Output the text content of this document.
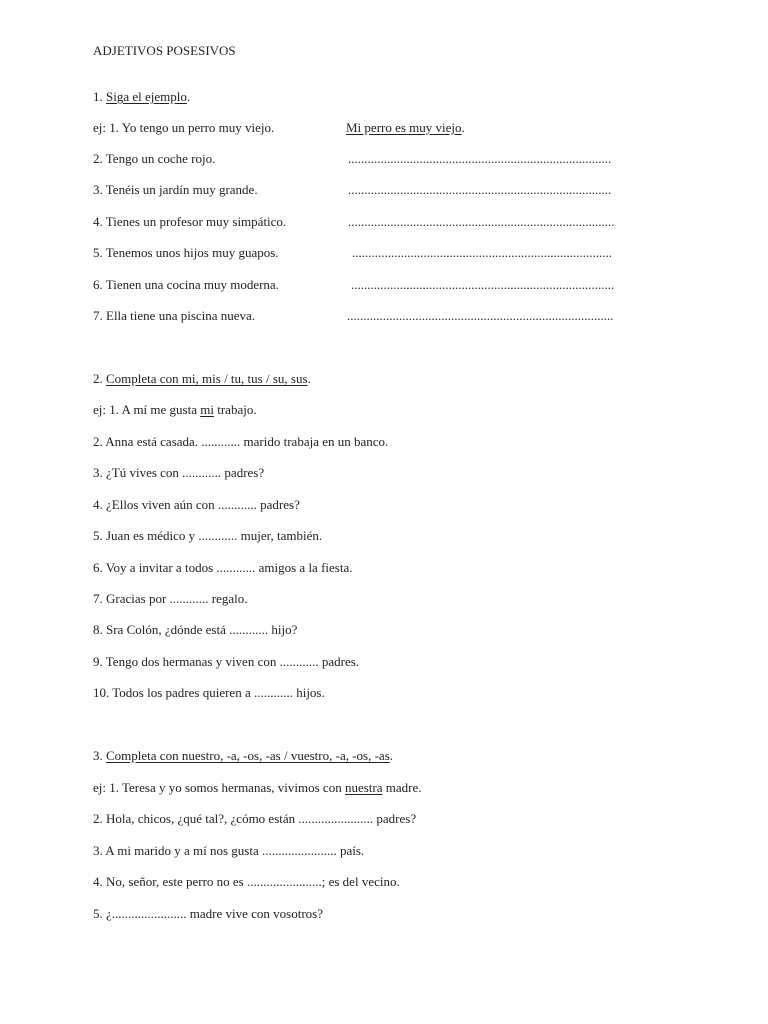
ADJETIVOS POSESIVOS
1. Siga el ejemplo.
ej: 1. Yo tengo un perro muy viejo.	Mi perro es muy viejo.
2. Tengo un coche rojo.	.................................................................................
3. Tenéis un jardín muy grande.	.................................................................................
4. Tienes un profesor muy simpático.	..................................................................................
5. Tenemos unos hijos muy guapos.	................................................................................
6. Tienen una cocina muy moderna.	.................................................................................
7. Ella tiene una piscina nueva.	..................................................................................
2. Completa con mi, mis / tu, tus / su, sus.
ej: 1. A mí me gusta mi trabajo.
2. Anna está casada. ............ marido trabaja en un banco.
3. ¿Tú vives con ............ padres?
4. ¿Ellos viven aún con ............ padres?
5. Juan es médico y ............ mujer, también.
6. Voy a invitar a todos ............ amigos a la fiesta.
7. Gracias por ............ regalo.
8. Sra Colón, ¿dónde está ............ hijo?
9. Tengo dos hermanas y viven con ............ padres.
10. Todos los padres quieren a ............ hijos.
3. Completa con nuestro, -a, -os, -as / vuestro, -a, -os, -as.
ej: 1. Teresa y yo somos hermanas, vivimos con nuestra madre.
2. Hola, chicos, ¿qué tal?, ¿cómo están ....................... padres?
3. A mi marido y a mí nos gusta ....................... país.
4. No, señor, este perro no es .......................; es del vecino.
5. ¿....................... madre vive con vosotros?
